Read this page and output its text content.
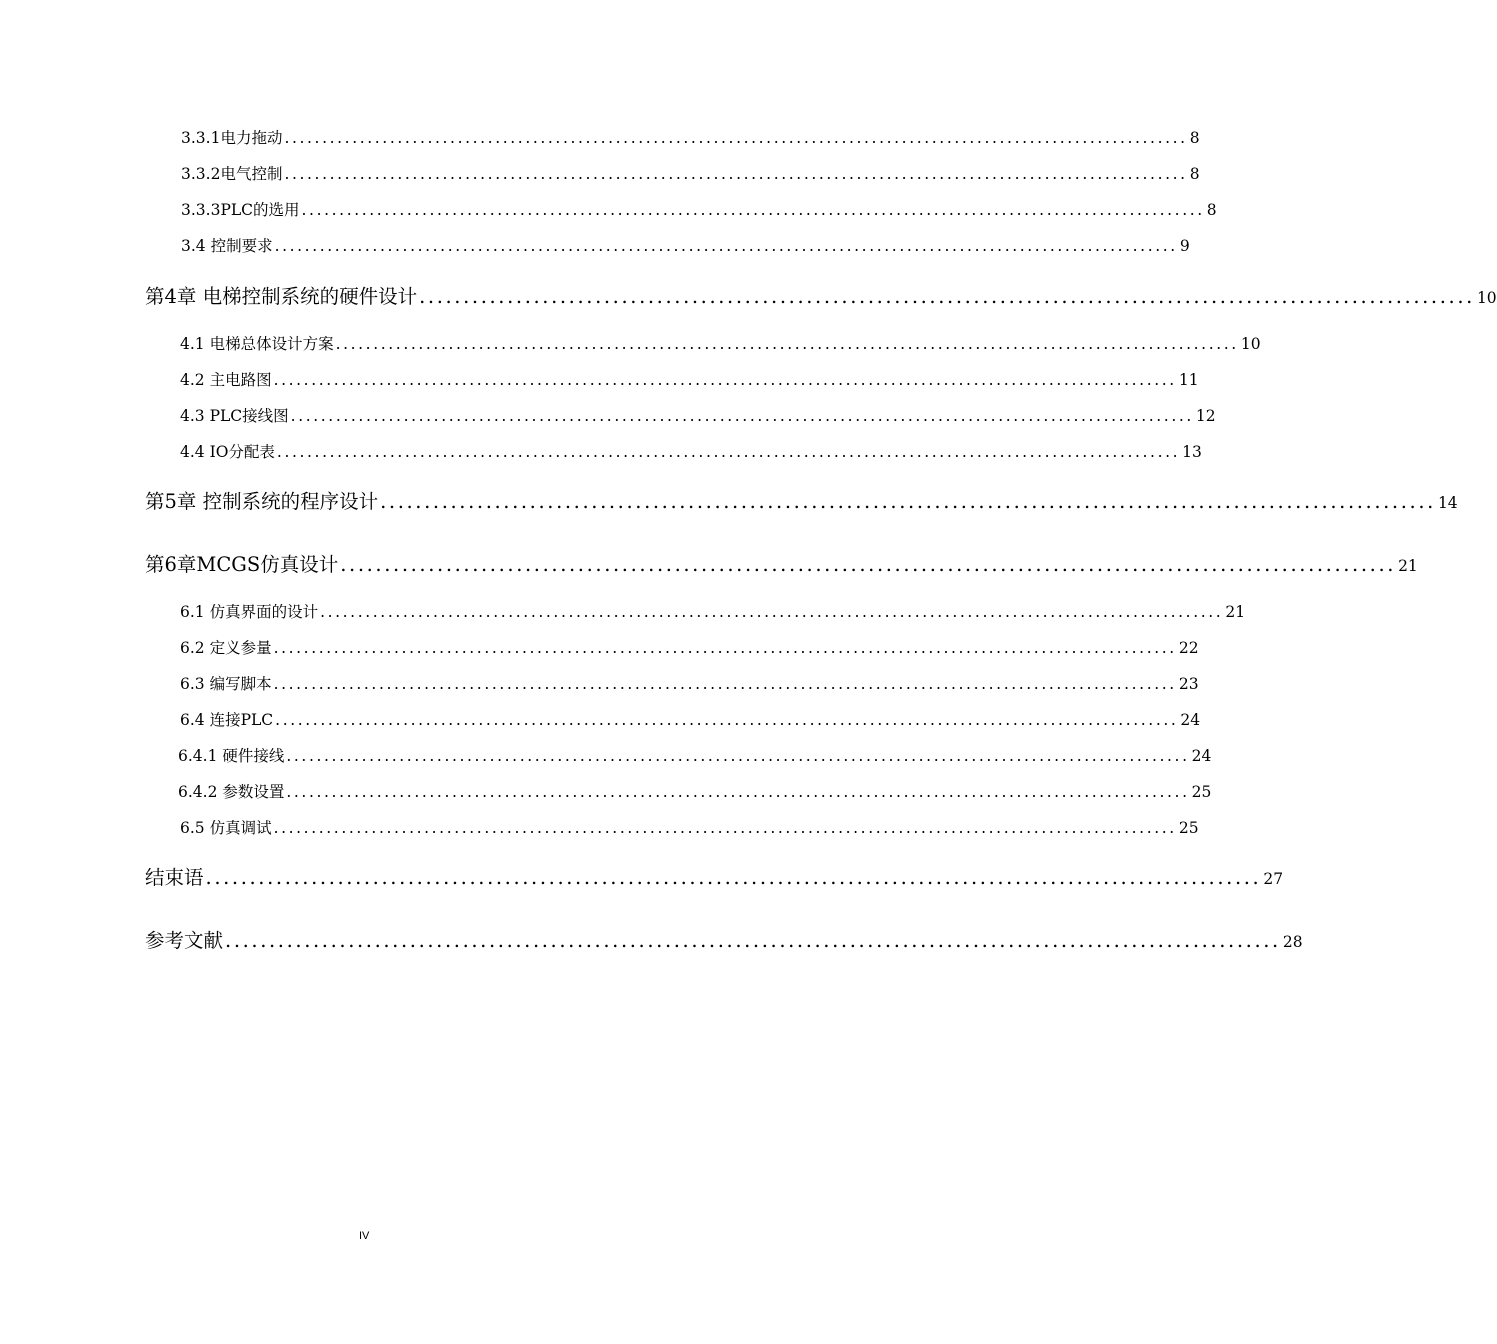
3.3.1电力拖动 ........................................................................................................................ 8
3.3.2电气控制 ........................................................................................................................ 8
3.3.3PLC的选用 ........................................................................................................................ 8
3.4 控制要求 ........................................................................................................................ 9
第4章 电梯控制系统的硬件设计 ........................................................................................................................ 10
4.1 电梯总体设计方案 ........................................................................................................................ 10
4.2 主电路图 ........................................................................................................................ 11
4.3 PLC接线图 ........................................................................................................................ 12
4.4 IO分配表 ........................................................................................................................ 13
第5章 控制系统的程序设计 ........................................................................................................................ 14
第6章MCGS仿真设计 ........................................................................................................................ 21
6.1 仿真界面的设计 ........................................................................................................................ 21
6.2 定义参量 ........................................................................................................................ 22
6.3 编写脚本 ........................................................................................................................ 23
6.4 连接PLC ........................................................................................................................ 24
6.4.1 硬件接线 ........................................................................................................................ 24
6.4.2 参数设置 ........................................................................................................................ 25
6.5 仿真调试 ........................................................................................................................ 25
结束语 ........................................................................................................................ 27
参考文献 ........................................................................................................................ 28
IV
